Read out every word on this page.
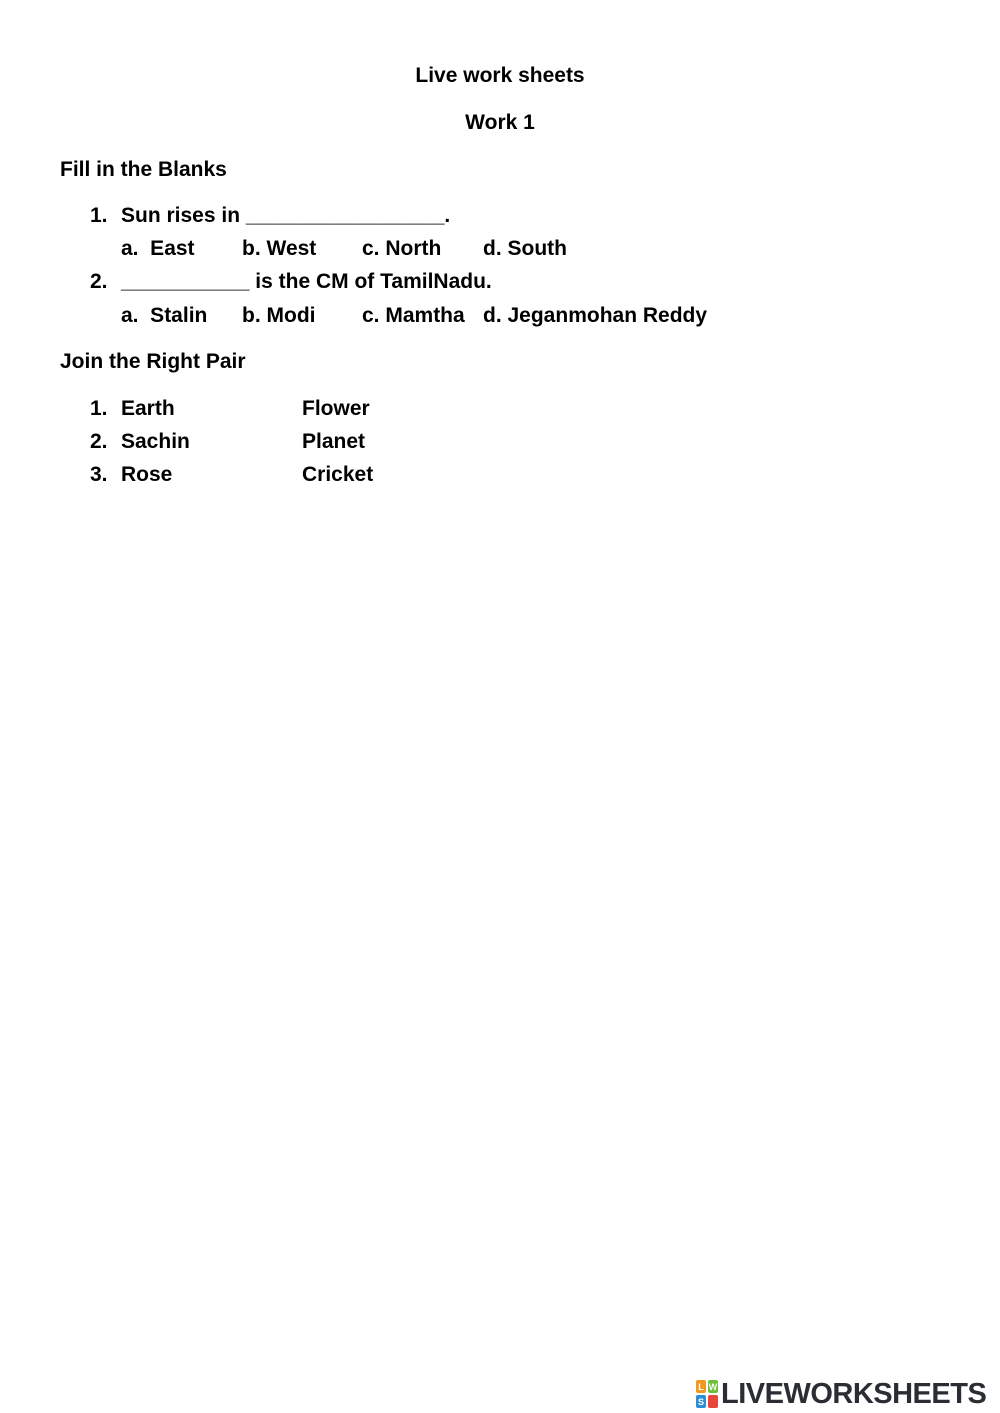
Live work sheets
Work 1
Fill in the Blanks
1. Sun rises in _________________.
a.  East b. West c. North d. South
2. ___________ is the CM of TamilNadu.
a.  Stalin b. Modi c. Mamtha d. Jeganmohan Reddy
Join the Right Pair
1. Earth	Flower
2. Sachin	Planet
3. Rose	Cricket
L W
S LIVEWORKSHEETS
